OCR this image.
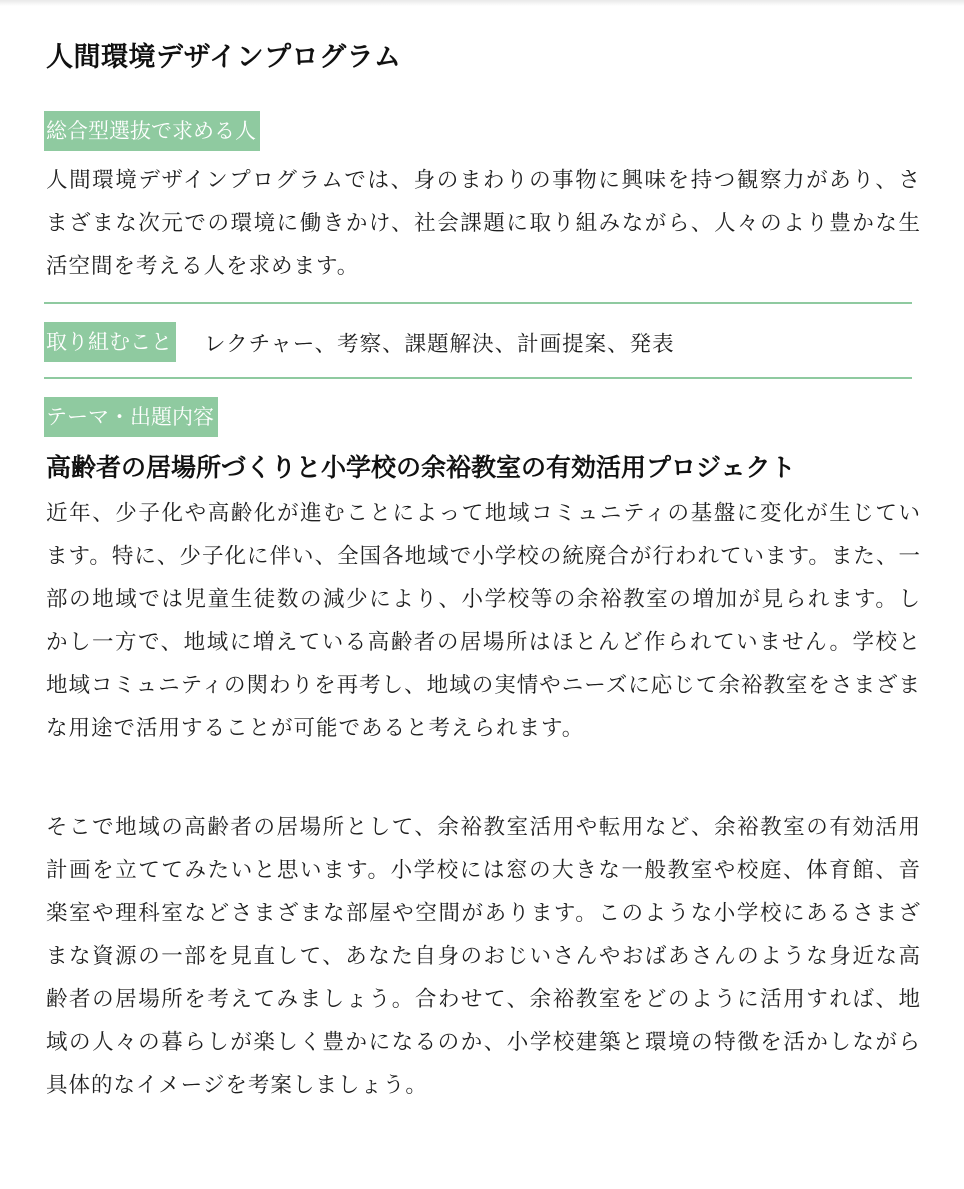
人間環境デザインプログラム
総合型選抜で求める人

人間環境デザインプログラムでは、身のまわりの事物に興味を持つ観察力があり、さまざまな次元での環境に働きかけ、社会課題に取り組みながら、人々のより豊かな生活空間を考える人を求めます。

取り組むこと レクチャー、考察、課題解決、計画提案、発表
テーマ・出題内容
高齢者の居場所づくりと小学校の余裕教室の有効活用プロジェクト

近年、少子化や高齢化が進むことによって地域コミュニティの基盤に変化が生じています。特に、少子化に伴い、全国各地域で小学校の統廃合が行われています。また、一部の地域では児童生徒数の減少により、小学校等の余裕教室の増加が見られます。しかし一方で、地域に増えている高齢者の居場所はほとんど作られていません。学校と地域コミュニティの関わりを再考し、地域の実情やニーズに応じて余裕教室をさまざまな用途で活用することが可能であると考えられます。

そこで地域の高齢者の居場所として、余裕教室活用や転用など、余裕教室の有効活用計画を立ててみたいと思います。小学校には窓の大きな一般教室や校庭、体育館、音楽室や理科室などさまざまな部屋や空間があります。このような小学校にあるさまざまな資源の一部を見直して、あなた自身のおじいさんやおばあさんのような身近な高齢者の居場所を考えてみましょう。合わせて、余裕教室をどのように活用すれば、地域の人々の暮らしが楽しく豊かになるのか、小学校建築と環境の特徴を活かしながら具体的なイメージを考案しましょう。
